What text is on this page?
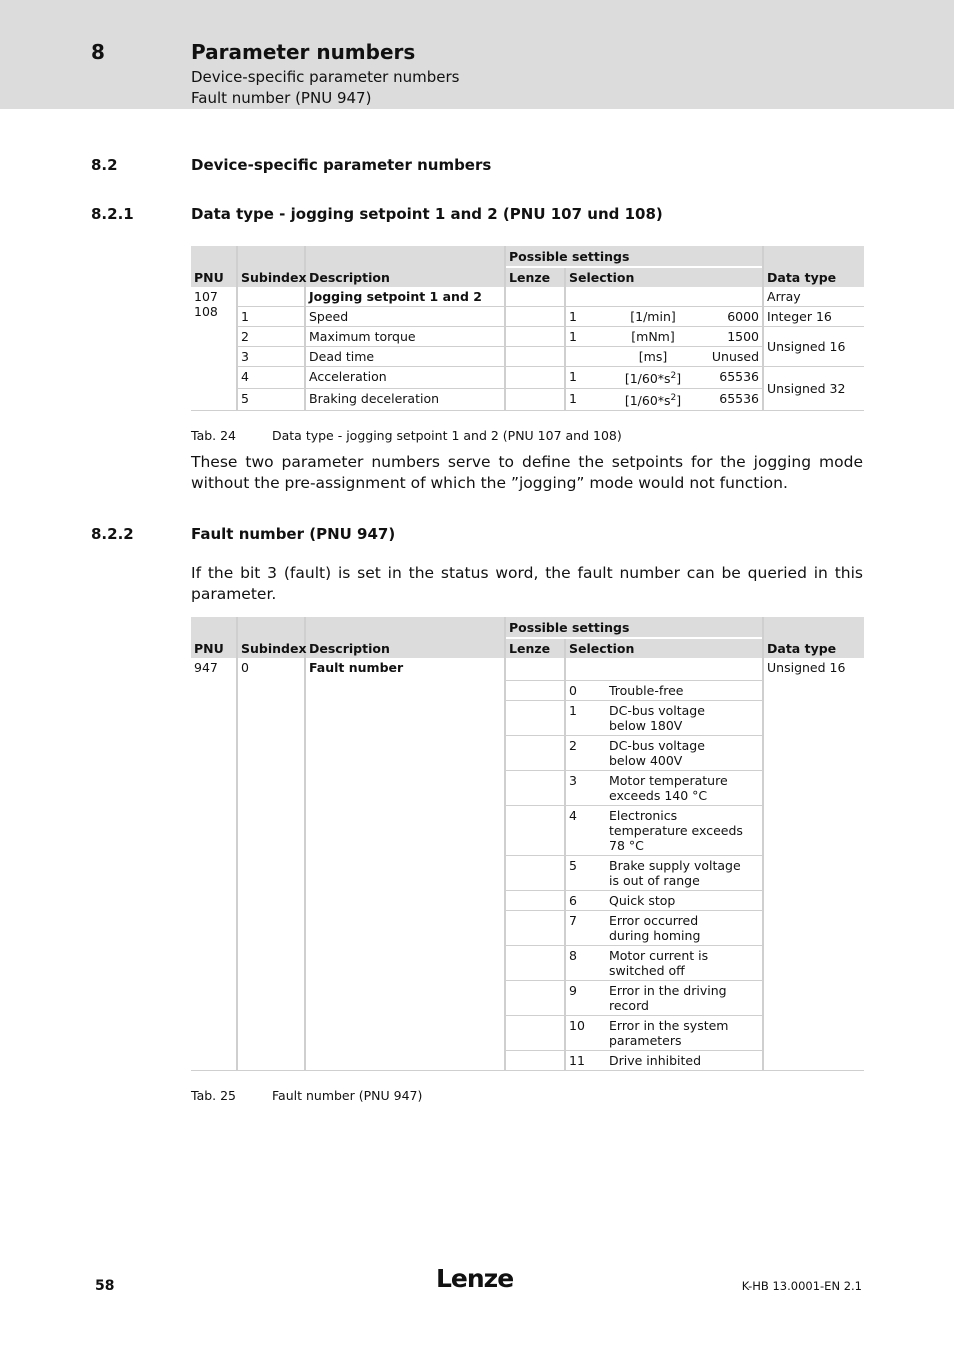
8	Parameter numbers
Device-specific parameter numbers
Fault number (PNU 947)
8.2	Device-specific parameter numbers
8.2.1	Data type - jogging setpoint 1 and 2 (PNU 107 und 108)
PNU	Subindex	Description	Possible settings		Data type
			Lenze	Selection	

107
108		Jogging setpoint 1 and 2			Array
	1	Speed		1 [1/min] 6000	Integer 16
	2	Maximum torque		1 [mNm] 1500	Unsigned 16
	3	Dead time		[ms] Unused	

	4	Acceleration		1 $[1/60*s^2]$ 65536	Unsigned 32
	5	Braking deceleration		1 $[1/60*s^2]$ 65536	
Tab. 24	Data type - jogging setpoint 1 and 2 (PNU 107 and 108)
These two parameter numbers serve to define the setpoints for the jogging mode without the pre-assignment of which the ”jogging” mode would not function.
8.2.2	Fault number (PNU 947)
If the bit 3 (fault) is set in the status word, the fault number can be queried in this parameter.
PNU	Subindex	Description	Possible settings		Data type
			Lenze	Selection	
947	0	Fault number			Unsigned 16

				0 Trouble-free	

				1 DC-bus voltage below 180V	

				2 DC-bus voltage below 400V	

				3 Motor temperature exceeds 140 °C	

				4 Electronics temperature exceeds 78 °C	

				5 Brake supply voltage is out of range	

				6 Quick stop	

				7 Error occurred during homing	

				8 Motor current is switched off	

				9 Error in the driving record	

				10 Error in the system parameters	

				11 Drive inhibited	
Tab. 25	Fault number (PNU 947)
58	Lenze	K-HB 13.0001-EN 2.1
